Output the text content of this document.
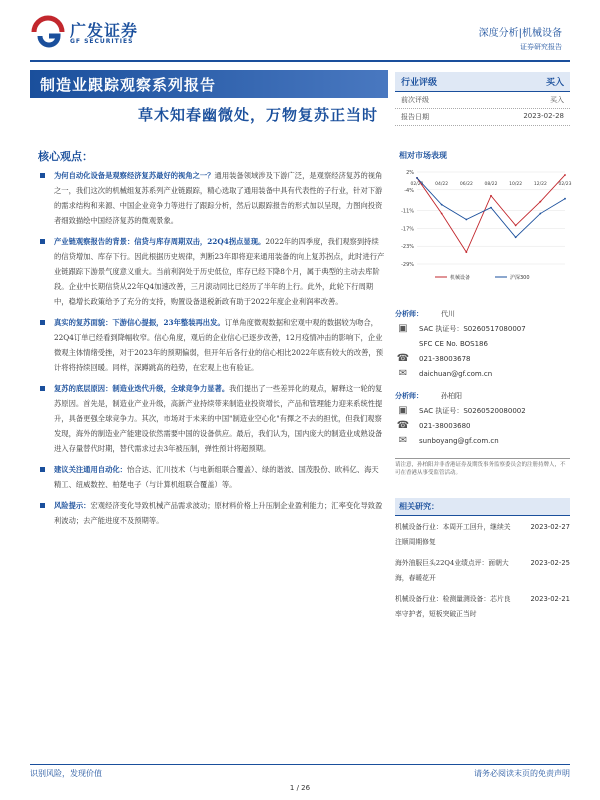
广发证券
GF SECURITIES
深度分析|机械设备
证券研究报告
制造业跟踪观察系列报告
草木知春幽微处，万物复苏正当时
行业评级	买入
前次评级	买入
报告日期	2023-02-28
核心观点：
为何自动化设备是观察经济复苏最好的视角之一？通用装备领域涉及下游广泛，是观察经济复苏的视角之一，我们这次的机械组复苏系列产业链跟踪，精心选取了通用装备中具有代表性的子行业，针对下游的需求结构和来源、中国企业竞争力等进行了跟踪分析，然后以跟踪报告的形式加以呈现，力图向投资者细致描绘中国经济复苏的微观景象。
产业链观察报告的背景：信贷与库存周期双击，22Q4拐点显现。2022年的四季度，我们观察到持续的信贷增加、库存下行。因此根据历史规律，判断23年即将迎来通用装备的向上复苏拐点，此时进行产业链跟踪下游景气度意义重大。当前利润处于历史低位，库存已经下降8个月，属于典型的主动去库阶段。企业中长期信贷从22年Q4加速改善，三月滚动同比已经历了半年的上行。此外，此轮下行周期中，稳增长政策给予了充分的支持，购置设备退税新政有助于2022年度企业利润率改善。
真实的复苏面貌：下游信心提振，23年整装再出发。订单角度微观数据和宏观中观的数据较为吻合，22Q4订单已经看到降幅收窄。信心角度，观后的企业信心已逐步改善，12月疫情冲击的影响下，企业微观主体情绪受挫，对于2023年的预期偏弱，但开年后各行业的信心相比2022年底有较大的改善，预计将将持续回暖。同样，深蹲跳高的趋势，在宏观上也有验证。
复苏的底层原因：制造业迭代升级，全球竞争力显著。我们提出了一些差异化的观点，解释这一轮的复苏原因。首先是，制造业产业升级，高新产业持续带来制造业投资增长，产品和管理能力迎来系统性提升，具备更强全球竞争力。其次，市场对于未来的中国"制造业空心化"有擇之不去的担忧，但我们观察发现，海外的制造业产能建设依然需要中国的设备供应。最后，我们认为，国内庞大的制造业成熟设备进入存量替代时期，替代需求过去3年被压制，弹性预计将超预期。
建议关注通用自动化：怡合达、汇川技术（与电新组联合覆盖）、绿的谐波、国茂股份、欧科亿、海天精工、纽威数控、柏楚电子（与计算机组联合覆盖）等。
风险提示：宏观经济变化导致机械产品需求波动；原材料价格上升压制企业盈利能力；汇率变化导致盈利波动；去产能进度不及预期等。
相对市场表现
2%
-4%
-11%
-17%
-23%
-29%
02/22	04/22	06/22	08/22	10/22	12/22	02/23
机械设备	沪深300
分析师：	代川
▣	SAC 执证号：S0260517080007
SFC CE No. BOS186
☎ 021-38003678
✉	daichuan@gf.com.cn
分析师：	孙柏阳
▣	SAC 执证号：S0260520080002
☎ 021-38003680
✉	sunboyang@gf.com.cn
请注意，孙柏阳并非香港证券及期货事务监察委员会的注册持牌人，不可在香港从事受监管活动。
相关研究：
机械设备行业：本周开工回升，继续关注顺周期修复
2023-02-27
海外油服巨头22Q4业绩点评：面朝大海，春暖花开
2023-02-25
机械设备行业：检测量测设备：芯片良率守护者，短板突破正当时
2023-02-21
识别风险，发现价值	请务必阅读末页的免责声明
1 / 26
